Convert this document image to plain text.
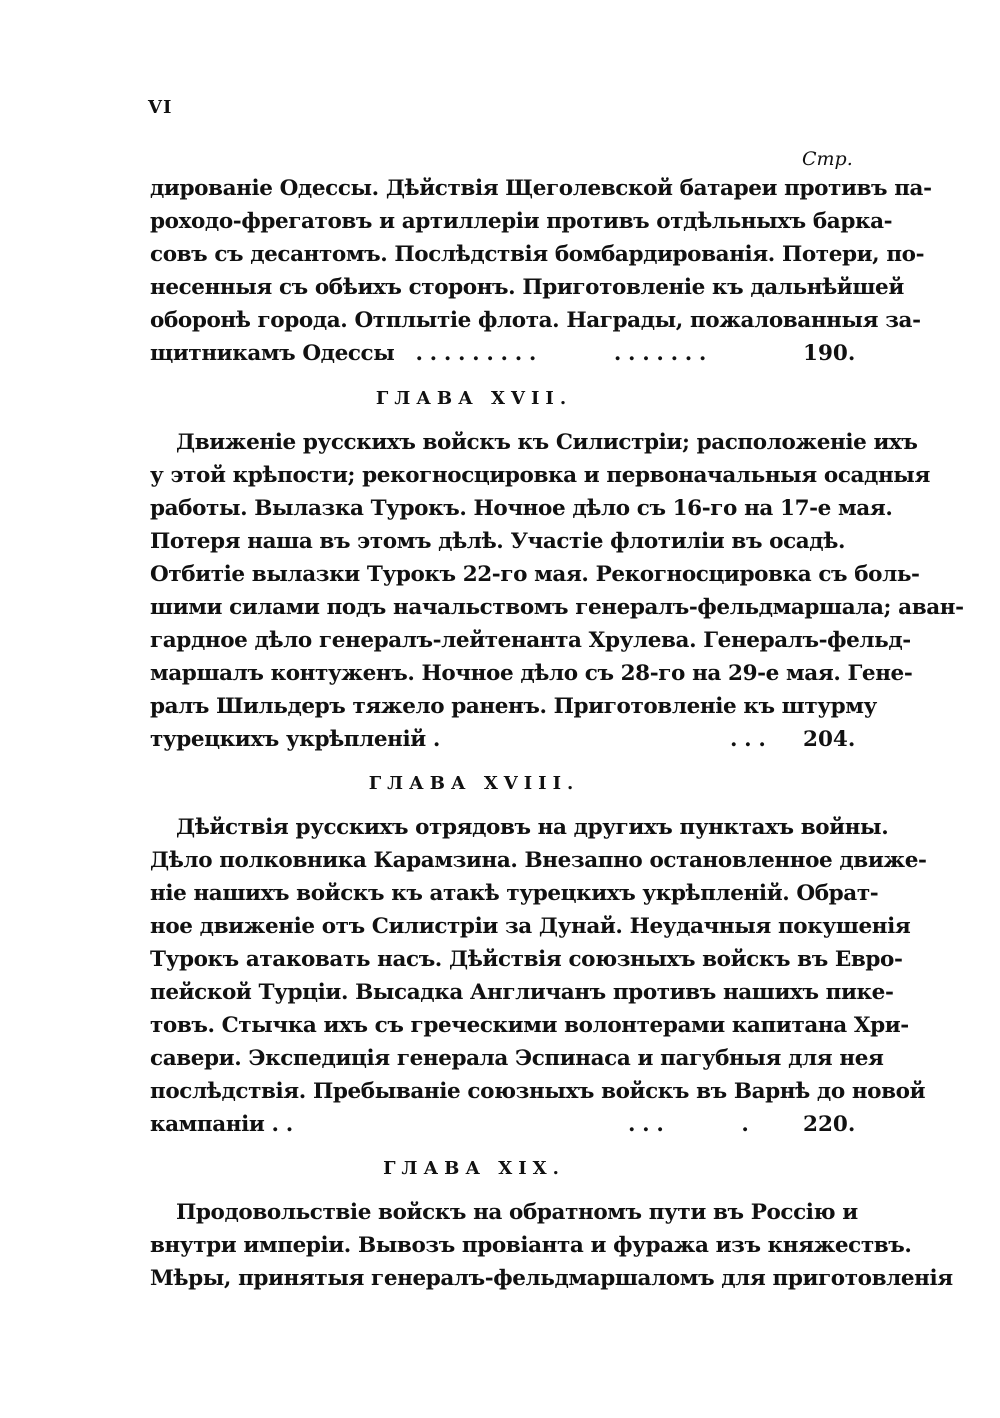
VI
Стр.
дированіе Одессы. Дѣйствія Щеголевской батареи противъ па-
роходо-фрегатовъ и артиллеріи противъ отдѣльныхъ барка-
совъ съ десантомъ. Послѣдствія бомбардированія. Потери, по-
несенныя съ обѣихъ сторонъ. Приготовленіе къ дальнѣйшей
оборонѣ города. Отплытіе флота. Награды, пожалованныя за-
щитникамъ Одессы . . . . . . . . .           . . . . . . .	190.
ГЛАВА XVII.
Движеніе русскихъ войскъ къ Силистріи; расположеніе ихъ
у этой крѣпости; рекогносцировка и первоначальныя осадныя
работы. Вылазка Турокъ. Ночное дѣло съ 16-го на 17-е мая.
Потеря наша въ этомъ дѣлѣ. Участіе флотиліи въ осадѣ.
Отбитіе вылазки Турокъ 22-го мая. Рекогносцировка съ боль-
шими силами подъ начальствомъ генералъ-фельдмаршала; аван-
гардное дѣло генералъ-лейтенанта Хрулева. Генералъ-фельд-
маршалъ контуженъ. Ночное дѣло съ 28-го на 29-е мая. Гене-
ралъ Шильдеръ тяжело раненъ. Приготовленіе къ штурму
турецкихъ укрѣпленій .	. . . 204.
ГЛАВА XVIII.
Дѣйствія русскихъ отрядовъ на другихъ пунктахъ войны.
Дѣло полковника Карамзина. Внезапно остановленное движе-
ніе нашихъ войскъ къ атакѣ турецкихъ укрѣпленій. Обрат-
ное движеніе отъ Силистріи за Дунай. Неудачныя покушенія
Турокъ атаковать насъ. Дѣйствія союзныхъ войскъ въ Евро-
пейской Турціи. Высадка Англичанъ противъ нашихъ пике-
товъ. Стычка ихъ съ греческими волонтерами капитана Хри-
савери. Экспедиція генерала Эспинаса и пагубныя для нея
послѣдствія. Пребываніе союзныхъ войскъ въ Варнѣ до новой
кампаніи . .	. . .           .	220.
ГЛАВА XIX.
Продовольствіе войскъ на обратномъ пути въ Россію и
внутри имперіи. Вывозъ провіанта и фуража изъ княжествъ.
Мѣры, принятыя генералъ-фельдмаршаломъ для приготовленія
